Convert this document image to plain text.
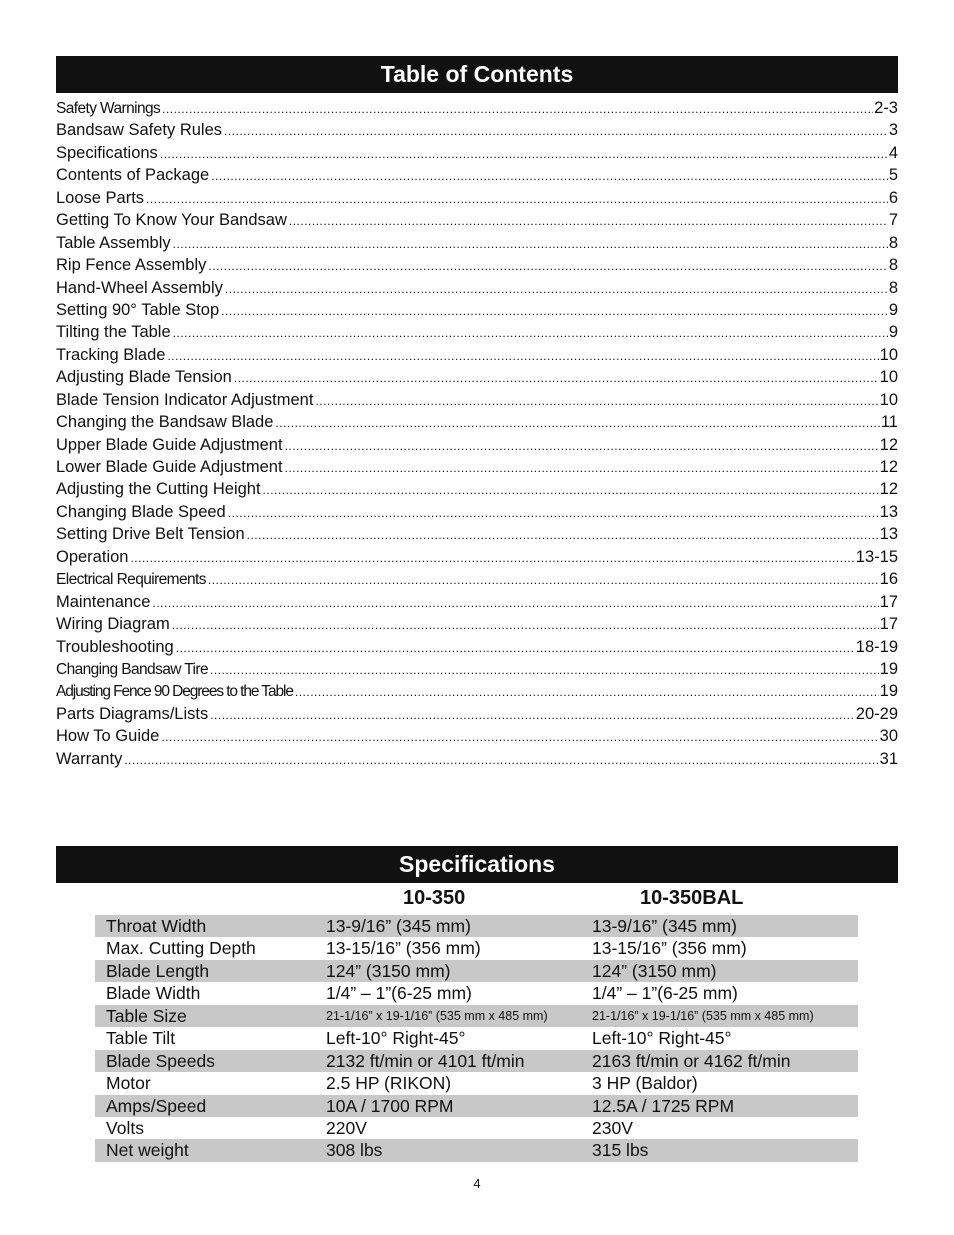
Table of Contents
Safety Warnings .....	2-3
Bandsaw Safety Rules .....	3
Specifications .....	4
Contents of Package .....	5
Loose Parts .....	6
Getting To Know Your Bandsaw .....	7
Table Assembly .....	8
Rip Fence Assembly .....	8
Hand-Wheel Assembly .....	8
Setting 90° Table Stop .....	9
Tilting the Table .....	9
Tracking Blade .....	10
Adjusting Blade Tension .....	10
Blade Tension Indicator Adjustment .....	10
Changing the Bandsaw Blade .....	11
Upper Blade Guide Adjustment .....	12
Lower Blade Guide Adjustment .....	12
Adjusting the Cutting Height .....	12
Changing Blade Speed .....	13
Setting Drive Belt Tension .....	13
Operation .....	13-15
Electrical Requirements .....	16
Maintenance .....	17
Wiring Diagram .....	17
Troubleshooting .....	18-19
Changing Bandsaw Tire .....	19
Adjusting Fence 90 Degrees to the Table .....	19
Parts Diagrams/Lists .....	20-29
How To Guide .....	30
Warranty .....	31
Specifications
10-350	10-350BAL
Throat Width	13-9/16” (345 mm)	13-9/16” (345 mm)
Max. Cutting Depth	13-15/16” (356 mm)	13-15/16” (356 mm)
Blade Length	124” (3150 mm)	124” (3150 mm)
Blade Width	1/4” – 1”(6-25 mm)	1/4” – 1”(6-25 mm)
Table Size	21-1/16” x 19-1/16” (535 mm x 485 mm)	21-1/16” x 19-1/16” (535 mm x 485 mm)
Table Tilt	Left-10° Right-45°	Left-10° Right-45°
Blade Speeds	2132 ft/min or 4101 ft/min	2163 ft/min or 4162 ft/min
Motor	2.5 HP (RIKON)	3 HP (Baldor)
Amps/Speed	10A / 1700 RPM	12.5A / 1725 RPM
Volts	220V	230V
Net weight	308 lbs	315 lbs
4
